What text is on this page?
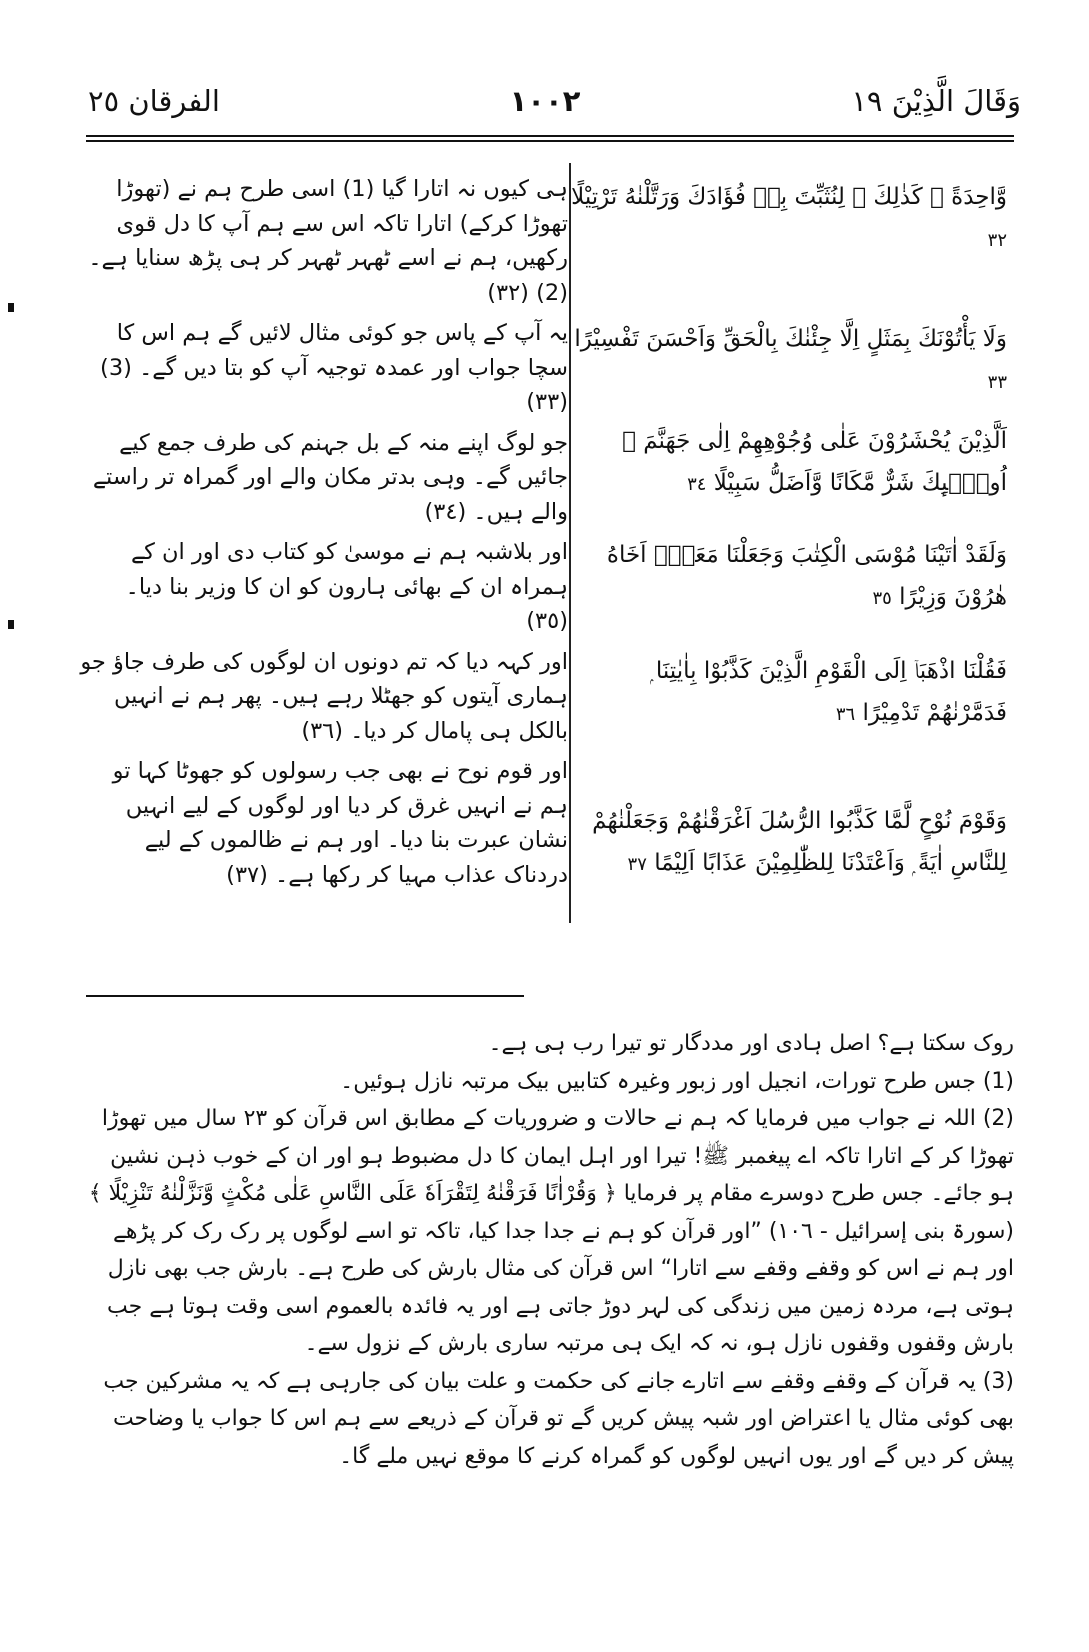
وَقَالَ الَّذِيْنَ ١٩
١٠٠٢
الفرقان ٢٥
وَّاحِدَةً ۛ كَذٰلِكَ ۛ لِنُثَبِّتَ بِهٖ فُؤَادَكَ وَرَتَّلْنٰهُ تَرْتِيْلًا ٣٢
وَلَا يَأْتُوْنَكَ بِمَثَلٍ اِلَّا جِئْنٰكَ بِالْحَقِّ وَاَحْسَنَ تَفْسِيْرًا ٣٣
اَلَّذِيْنَ يُحْشَرُوْنَ عَلٰى وُجُوْهِهِمْ اِلٰى جَهَنَّمَ ۙ اُولٰۤىِٕكَ شَرٌّ مَّكَانًا وَّاَضَلُّ سَبِيْلًا ٣٤
وَلَقَدْ اٰتَيْنَا مُوْسَى الْكِتٰبَ وَجَعَلْنَا مَعَهٗۤ اَخَاهُ هٰرُوْنَ وَزِيْرًا ٣٥
فَقُلْنَا اذْهَبَاۤ اِلَى الْقَوْمِ الَّذِيْنَ كَذَّبُوْا بِاٰيٰتِنَا ۭ فَدَمَّرْنٰهُمْ تَدْمِيْرًا ٣٦
وَقَوْمَ نُوْحٍ لَّمَّا كَذَّبُوا الرُّسُلَ اَغْرَقْنٰهُمْ وَجَعَلْنٰهُمْ لِلنَّاسِ اٰيَةً ۭ وَاَعْتَدْنَا لِلظّٰلِمِيْنَ عَذَابًا اَلِيْمًا ٣٧
ہی کیوں نہ اتارا گیا (1) اسی طرح ہم نے (تھوڑا تھوڑا کرکے) اتارا تاکہ اس سے ہم آپ کا دل قوی رکھیں، ہم نے اسے ٹھہر ٹھہر کر ہی پڑھ سنایا ہے۔ (2) (٣٢)
یہ آپ کے پاس جو کوئی مثال لائیں گے ہم اس کا سچا جواب اور عمدہ توجیہ آپ کو بتا دیں گے۔ (3) (٣٣)
جو لوگ اپنے منہ کے بل جہنم کی طرف جمع کیے جائیں گے۔ وہی بدتر مکان والے اور گمراہ تر راستے والے ہیں۔ (٣٤)
اور بلاشبہ ہم نے موسیٰ کو کتاب دی اور ان کے ہمراہ ان کے بھائی ہارون کو ان کا وزیر بنا دیا۔ (٣٥)
اور کہہ دیا کہ تم دونوں ان لوگوں کی طرف جاؤ جو ہماری آیتوں کو جھٹلا رہے ہیں۔ پھر ہم نے انہیں بالکل ہی پامال کر دیا۔ (٣٦)
اور قوم نوح نے بھی جب رسولوں کو جھوٹا کہا تو ہم نے انہیں غرق کر دیا اور لوگوں کے لیے انہیں نشان عبرت بنا دیا۔ اور ہم نے ظالموں کے لیے دردناک عذاب مہیا کر رکھا ہے۔ (٣٧)

روک سکتا ہے؟ اصل ہادی اور مددگار تو تیرا رب ہی ہے۔

(1) جس طرح تورات، انجیل اور زبور وغیرہ کتابیں بیک مرتبہ نازل ہوئیں۔

(2) اللہ نے جواب میں فرمایا کہ ہم نے حالات و ضروریات کے مطابق اس قرآن کو ٢٣ سال میں تھوڑا تھوڑا کر کے اتارا تاکہ اے پیغمبر ﷺ! تیرا اور اہل ایمان کا دل مضبوط ہو اور ان کے خوب ذہن نشین ہو جائے۔ جس طرح دوسرے مقام پر فرمایا ﴿ وَقُرْاٰنًا فَرَقْنٰهُ لِتَقْرَاَهٗ عَلَى النَّاسِ عَلٰى مُكْثٍ وَّنَزَّلْنٰهُ تَنْزِيْلًا ﴾ (سورۃ بنی إسرائیل - ١٠٦) ”اور قرآن کو ہم نے جدا جدا کیا، تاکہ تو اسے لوگوں پر رک رک کر پڑھے اور ہم نے اس کو وقفے وقفے سے اتارا“ اس قرآن کی مثال بارش کی طرح ہے۔ بارش جب بھی نازل ہوتی ہے، مردہ زمین میں زندگی کی لہر دوڑ جاتی ہے اور یہ فائدہ بالعموم اسی وقت ہوتا ہے جب بارش وقفوں وقفوں نازل ہو، نہ کہ ایک ہی مرتبہ ساری بارش کے نزول سے۔

(3) یہ قرآن کے وقفے وقفے سے اتارے جانے کی حکمت و علت بیان کی جارہی ہے کہ یہ مشرکین جب بھی کوئی مثال یا اعتراض اور شبہ پیش کریں گے تو قرآن کے ذریعے سے ہم اس کا جواب یا وضاحت پیش کر دیں گے اور یوں انہیں لوگوں کو گمراہ کرنے کا موقع نہیں ملے گا۔
